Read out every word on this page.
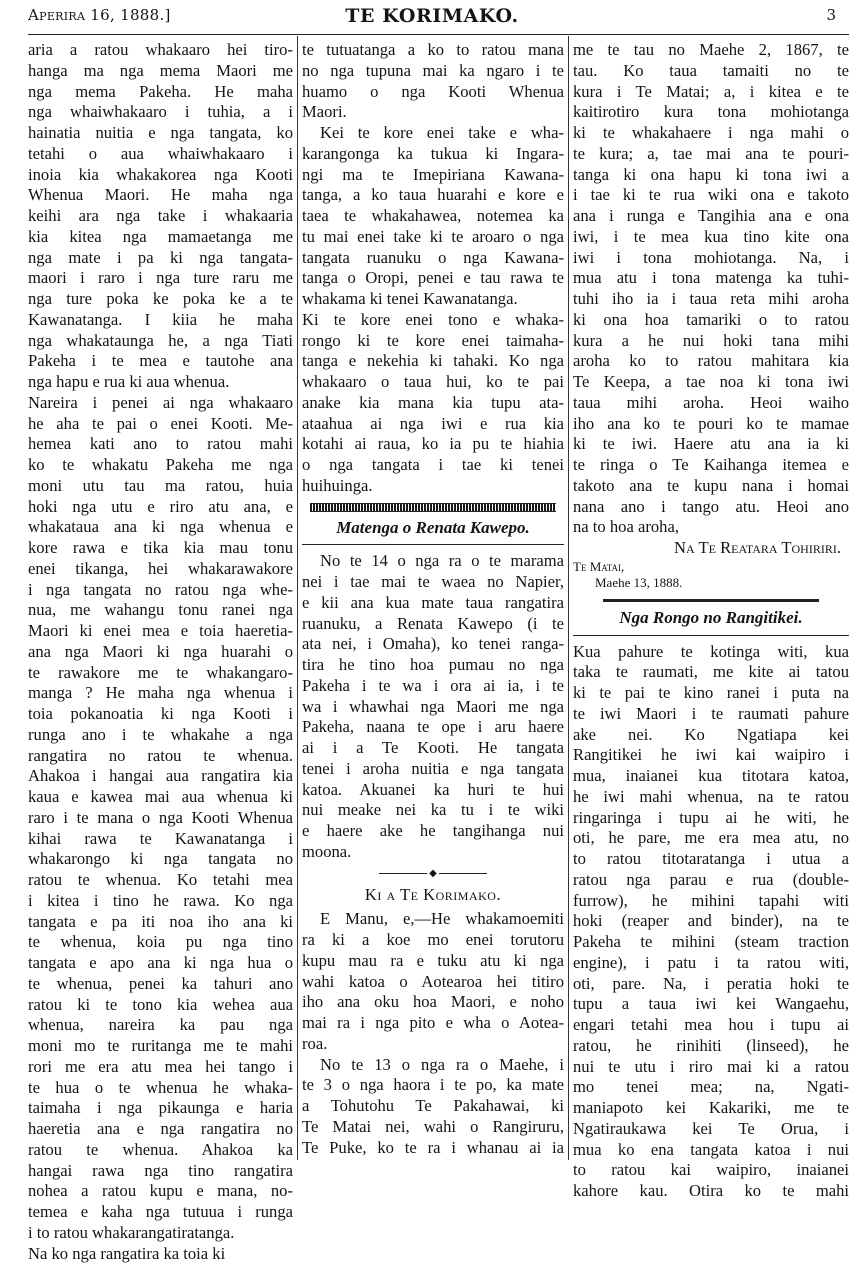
Aperira 16, 1888.]	TE KORIMAKO.	3
aria a ratou whakaaro hei tiro-
hanga ma nga mema Maori me
nga mema Pakeha. He maha
nga whaiwhakaaro i tuhia, a i
hainatia nuitia e nga tangata, ko
tetahi o aua whaiwhakaaro i
inoia kia whakakorea nga Kooti
Whenua Maori. He maha nga
keihi ara nga take i whakaaria
kia kitea nga mamaetanga me
nga mate i pa ki nga tangata-
maori i raro i nga ture raru me
nga ture poka ke poka ke a te
Kawanatanga. I kiia he maha
nga whakataunga he, a nga Tiati
Pakeha i te mea e tautohe ana
nga hapu e rua ki aua whenua.
Nareira i penei ai nga whakaaro
he aha te pai o enei Kooti. Me-
hemea kati ano to ratou mahi
ko te whakatu Pakeha me nga
moni utu tau ma ratou, huia
hoki nga utu e riro atu ana, e
whakataua ana ki nga whenua e
kore rawa e tika kia mau tonu
enei tikanga, hei whakarawakore
i nga tangata no ratou nga whe-
nua, me wahangu tonu ranei nga
Maori ki enei mea e toia haeretia-
ana nga Maori ki nga huarahi o
te rawakore me te whakangaro-
manga ? He maha nga whenua i
toia pokanoatia ki nga Kooti i
runga ano i te whakahe a nga
rangatira no ratou te whenua.
Ahakoa i hangai aua rangatira kia
kaua e kawea mai aua whenua ki
raro i te mana o nga Kooti Whenua
kihai rawa te Kawanatanga i
whakarongo ki nga tangata no
ratou te whenua. Ko tetahi mea
i kitea i tino he rawa. Ko nga
tangata e pa iti noa iho ana ki
te whenua, koia pu nga tino
tangata e apo ana ki nga hua o
te whenua, penei ka tahuri ano
ratou ki te tono kia wehea aua
whenua, nareira ka pau nga
moni mo te ruritanga me te mahi
rori me era atu mea hei tango i
te hua o te whenua he whaka-
taimaha i nga pikaunga e haria
haeretia ana e nga rangatira no
ratou te whenua. Ahakoa ka
hangai rawa nga tino rangatira
nohea a ratou kupu e mana, no-
temea e kaha nga tutuua i runga
i to ratou whakarangatiratanga.
Na ko nga rangatira ka toia ki
te tutuatanga a ko to ratou mana
no nga tupuna mai ka ngaro i te
huamo o nga Kooti Whenua
Maori.
Kei te kore enei take e wha-
karangonga ka tukua ki Ingara-
ngi ma te Imepiriana Kawana-
tanga, a ko taua huarahi e kore e
taea te whakahawea, notemea ka
tu mai enei take ki te aroaro o nga
tangata ruanuku o nga Kawana-
tanga o Oropi, penei e tau rawa te
whakama ki tenei Kawanatanga.
Ki te kore enei tono e whaka-
rongo ki te kore enei taimaha-
tanga e nekehia ki tahaki. Ko nga
whakaaro o taua hui, ko te pai
anake kia mana kia tupu ata-
ataahua ai nga iwi e rua kia
kotahi ai raua, ko ia pu te hiahia
o nga tangata i tae ki tenei
huihuinga.
Matenga o Renata Kawepo.
No te 14 o nga ra o te marama
nei i tae mai te waea no Napier,
e kii ana kua mate taua rangatira
ruanuku, a Renata Kawepo (i te
ata nei, i Omaha), ko tenei ranga-
tira he tino hoa pumau no nga
Pakeha i te wa i ora ai ia, i te
wa i whawhai nga Maori me nga
Pakeha, naana te ope i aru haere
ai i a Te Kooti. He tangata
tenei i aroha nuitia e nga tangata
katoa. Akuanei ka huri te hui
nui meake nei ka tu i te wiki
e haere ake he tangihanga nui
moona.
◆
Ki a Te Korimako.
E Manu, e,—He whakamoemiti
ra ki a koe mo enei torutoru
kupu mau ra e tuku atu ki nga
wahi katoa o Aotearoa hei titiro
iho ana oku hoa Maori, e noho
mai ra i nga pito e wha o Aotea-
roa.
No te 13 o nga ra o Maehe, i
te 3 o nga haora i te po, ka mate
a Tohutohu Te Pakahawai, ki
Te Matai nei, wahi o Rangiruru,
Te Puke, ko te ra i whanau ai ia
me te tau no Maehe 2, 1867, te
tau. Ko taua tamaiti no te
kura i Te Matai; a, i kitea e te
kaitirotiro kura tona mohiotanga
ki te whakahaere i nga mahi o
te kura; a, tae mai ana te pouri-
tanga ki ona hapu ki tona iwi a
i tae ki te rua wiki ona e takoto
ana i runga e Tangihia ana e ona
iwi, i te mea kua tino kite ona
iwi i tona mohiotanga. Na, i
mua atu i tona matenga ka tuhi-
tuhi iho ia i taua reta mihi aroha
ki ona hoa tamariki o to ratou
kura a he nui hoki tana mihi
aroha ko to ratou mahitara kia
Te Keepa, a tae noa ki tona iwi
taua mihi aroha. Heoi waiho
iho ana ko te pouri ko te mamae
ki te iwi. Haere atu ana ia ki
te ringa o Te Kaihanga itemea e
takoto ana te kupu nana i homai
nana ano i tango atu. Heoi ano
na to hoa aroha,
Na Te Reatara Tohiriri.
Te Matai,
Maehe 13, 1888.
Nga Rongo no Rangitikei.
Kua pahure te kotinga witi, kua
taka te raumati, me kite ai tatou
ki te pai te kino ranei i puta na
te iwi Maori i te raumati pahure
ake nei. Ko Ngatiapa kei
Rangitikei he iwi kai waipiro i
mua, inaianei kua titotara katoa,
he iwi mahi whenua, na te ratou
ringaringa i tupu ai he witi, he
oti, he pare, me era mea atu, no
to ratou titotaratanga i utua a
ratou nga parau e rua (double-
furrow), he mihini tapahi witi
hoki (reaper and binder), na te
Pakeha te mihini (steam traction
engine), i patu i ta ratou witi,
oti, pare. Na, i peratia hoki te
tupu a taua iwi kei Wangaehu,
engari tetahi mea hou i tupu ai
ratou, he rinihiti (linseed), he
nui te utu i riro mai ki a ratou
mo tenei mea; na, Ngati-
maniapoto kei Kakariki, me te
Ngatiraukawa kei Te Orua, i
mua ko ena tangata katoa i nui
to ratou kai waipiro, inaianei
kahore kau. Otira ko te mahi
